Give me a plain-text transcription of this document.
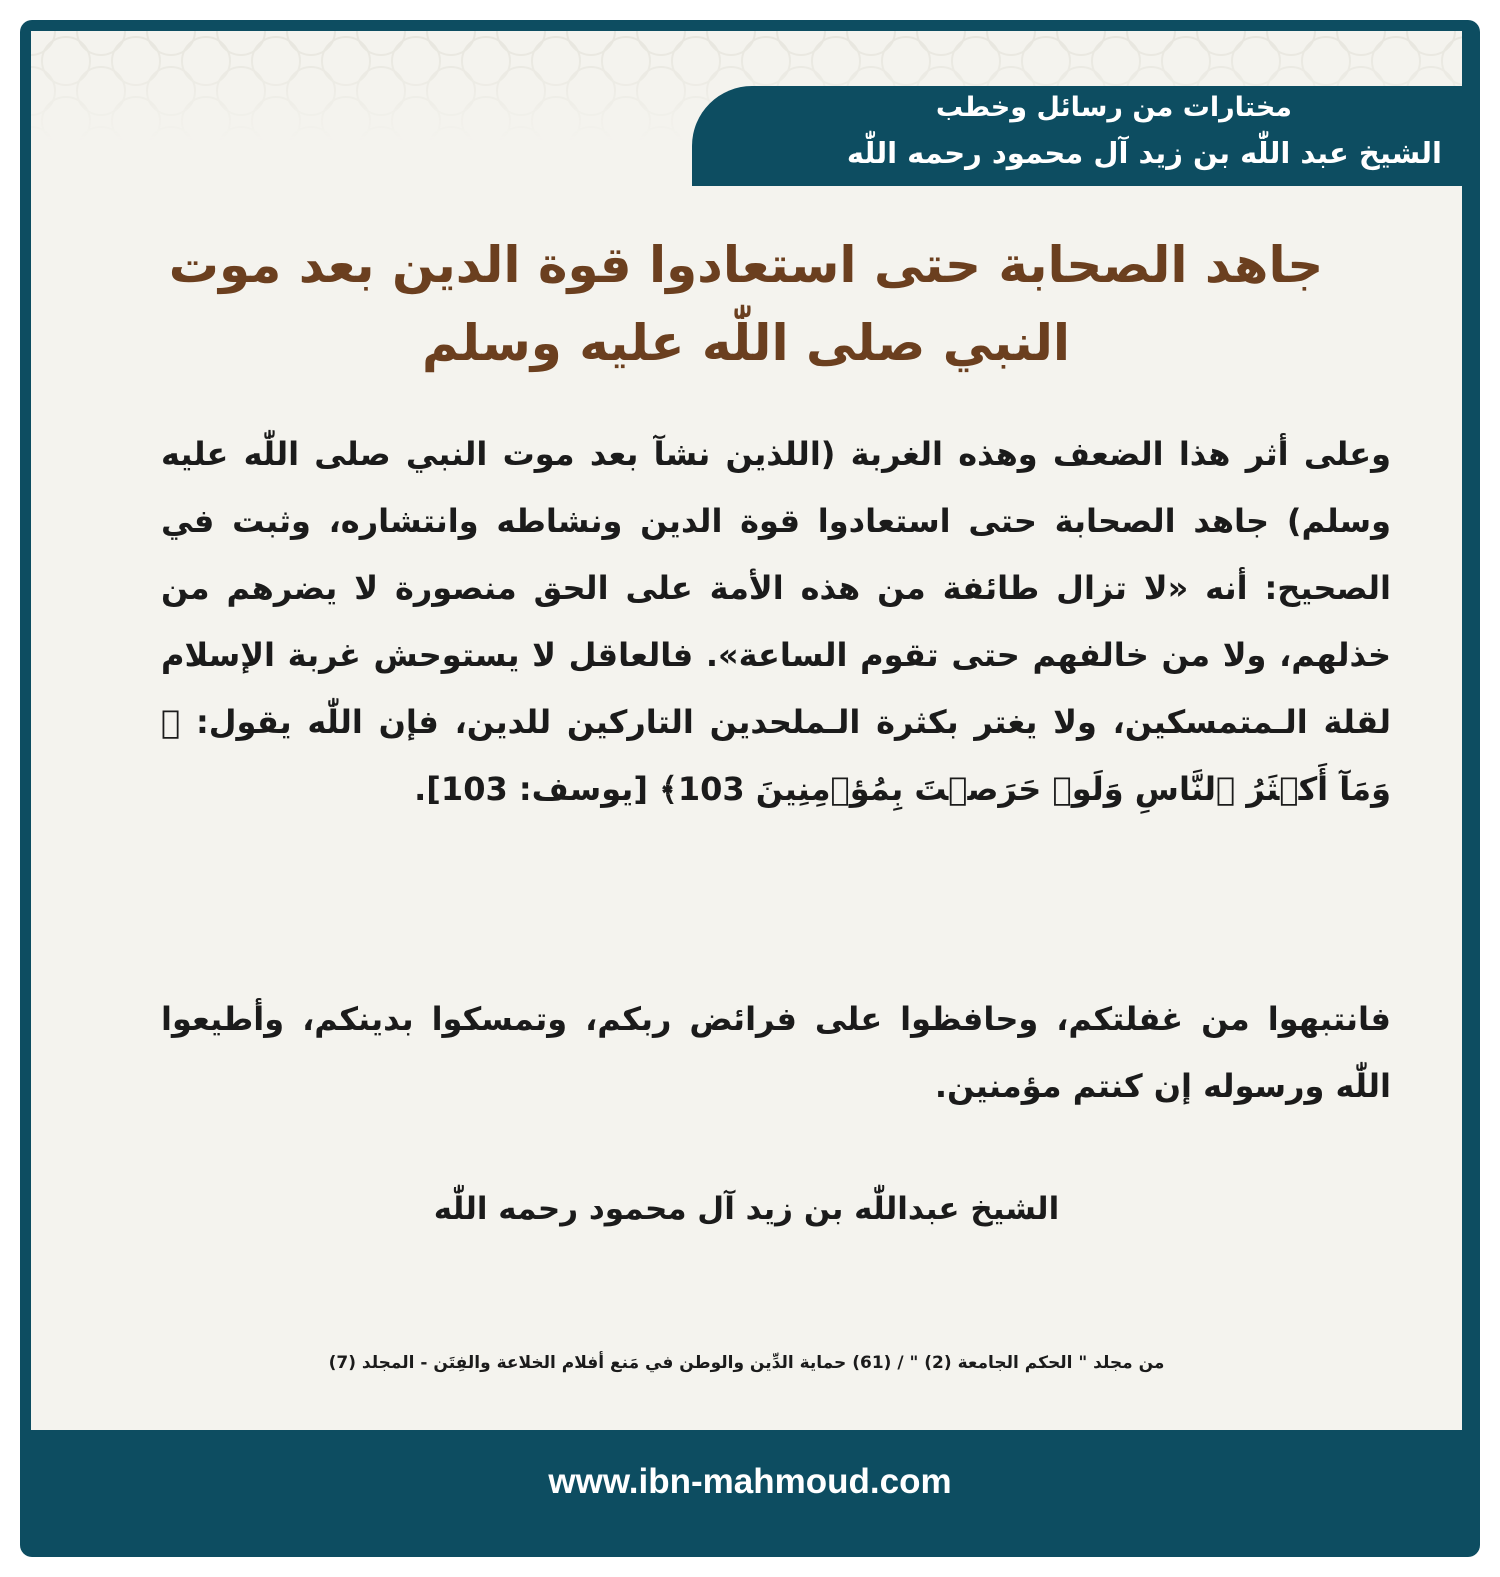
مختارات من رسائل وخطب
الشيخ عبد اللّٰه بن زيد آل محمود رحمه اللّٰه
جاهد الصحابة حتى استعادوا قوة الدين بعد موت النبي صلى اللّٰه عليه وسلم
وعلى أثر هذا الضعف وهذه الغربة (اللذين نشآ بعد موت النبي صلى اللّٰه عليه وسلم) جاهد الصحابة حتى استعادوا قوة الدين ونشاطه وانتشاره، وثبت في الصحيح: أنه «لا تزال طائفة من هذه الأمة على الحق منصورة لا يضرهم من خذلهم، ولا من خالفهم حتى تقوم الساعة». فالعاقل لا يستوحش غربة الإسلام لقلة الـمتمسكين، ولا يغتر بكثرة الـملحدين التاركين للدين، فإن اللّٰه يقول: ﴿ وَمَآ أَكۡثَرُ ٱلنَّاسِ وَلَوۡ حَرَصۡتَ بِمُؤۡمِنِينَ 103﴾ [يوسف: 103].
فانتبهوا من غفلتكم، وحافظوا على فرائض ربكم، وتمسكوا بدينكم، وأطيعوا اللّٰه ورسوله إن كنتم مؤمنين.
الشيخ عبداللّٰه بن زيد آل محمود رحمه اللّٰه
من مجلد " الحكم الجامعة (2) " / (61) حماية الدِّين والوطن في مَنع أفلام الخلاعة والفِتَن - المجلد (7)
www.ibn-mahmoud.com
